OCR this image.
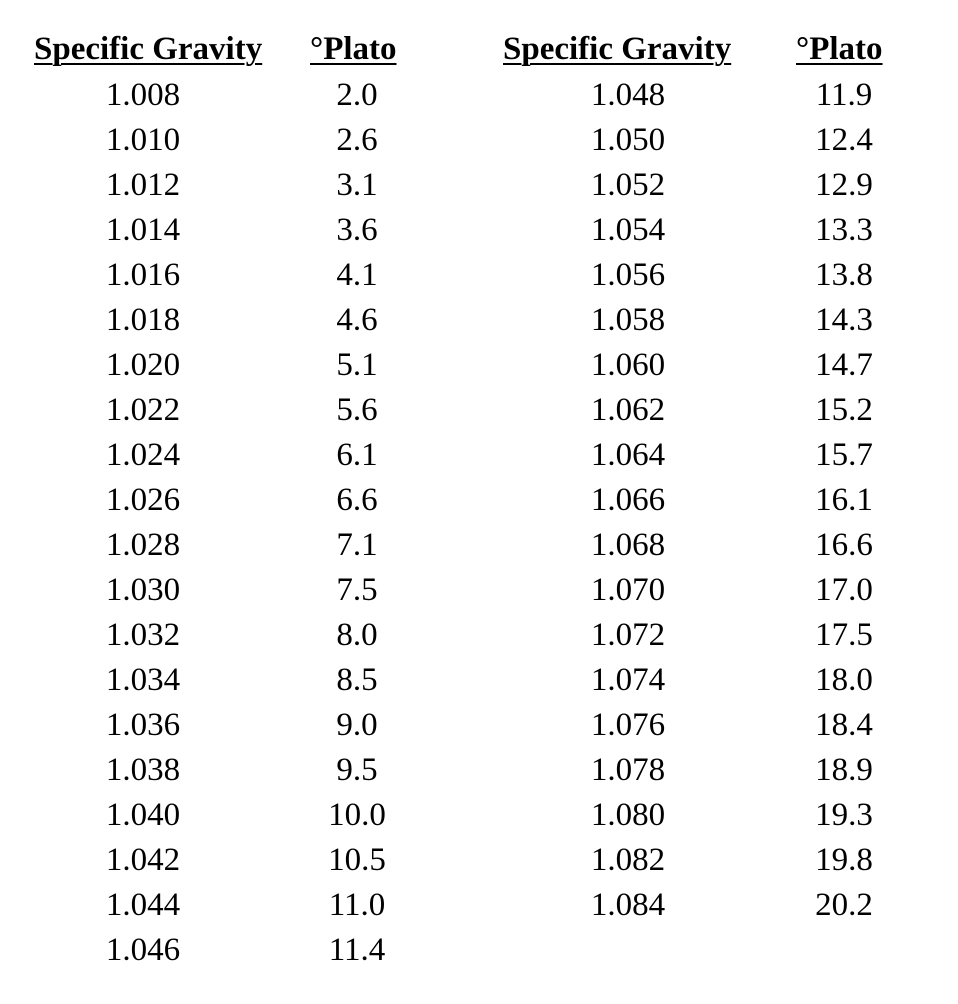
Specific Gravity °Plato
1.008	2.0
1.010	2.6
1.012	3.1
1.014	3.6
1.016	4.1
1.018	4.6
1.020	5.1
1.022	5.6
1.024	6.1
1.026	6.6
1.028	7.1
1.030	7.5
1.032	8.0
1.034	8.5
1.036	9.0
1.038	9.5
1.040	10.0
1.042	10.5
1.044	11.0
1.046	11.4
Specific Gravity °Plato
1.048	11.9
1.050	12.4
1.052	12.9
1.054	13.3
1.056	13.8
1.058	14.3
1.060	14.7
1.062	15.2
1.064	15.7
1.066	16.1
1.068	16.6
1.070	17.0
1.072	17.5
1.074	18.0
1.076	18.4
1.078	18.9
1.080	19.3
1.082	19.8
1.084	20.2
